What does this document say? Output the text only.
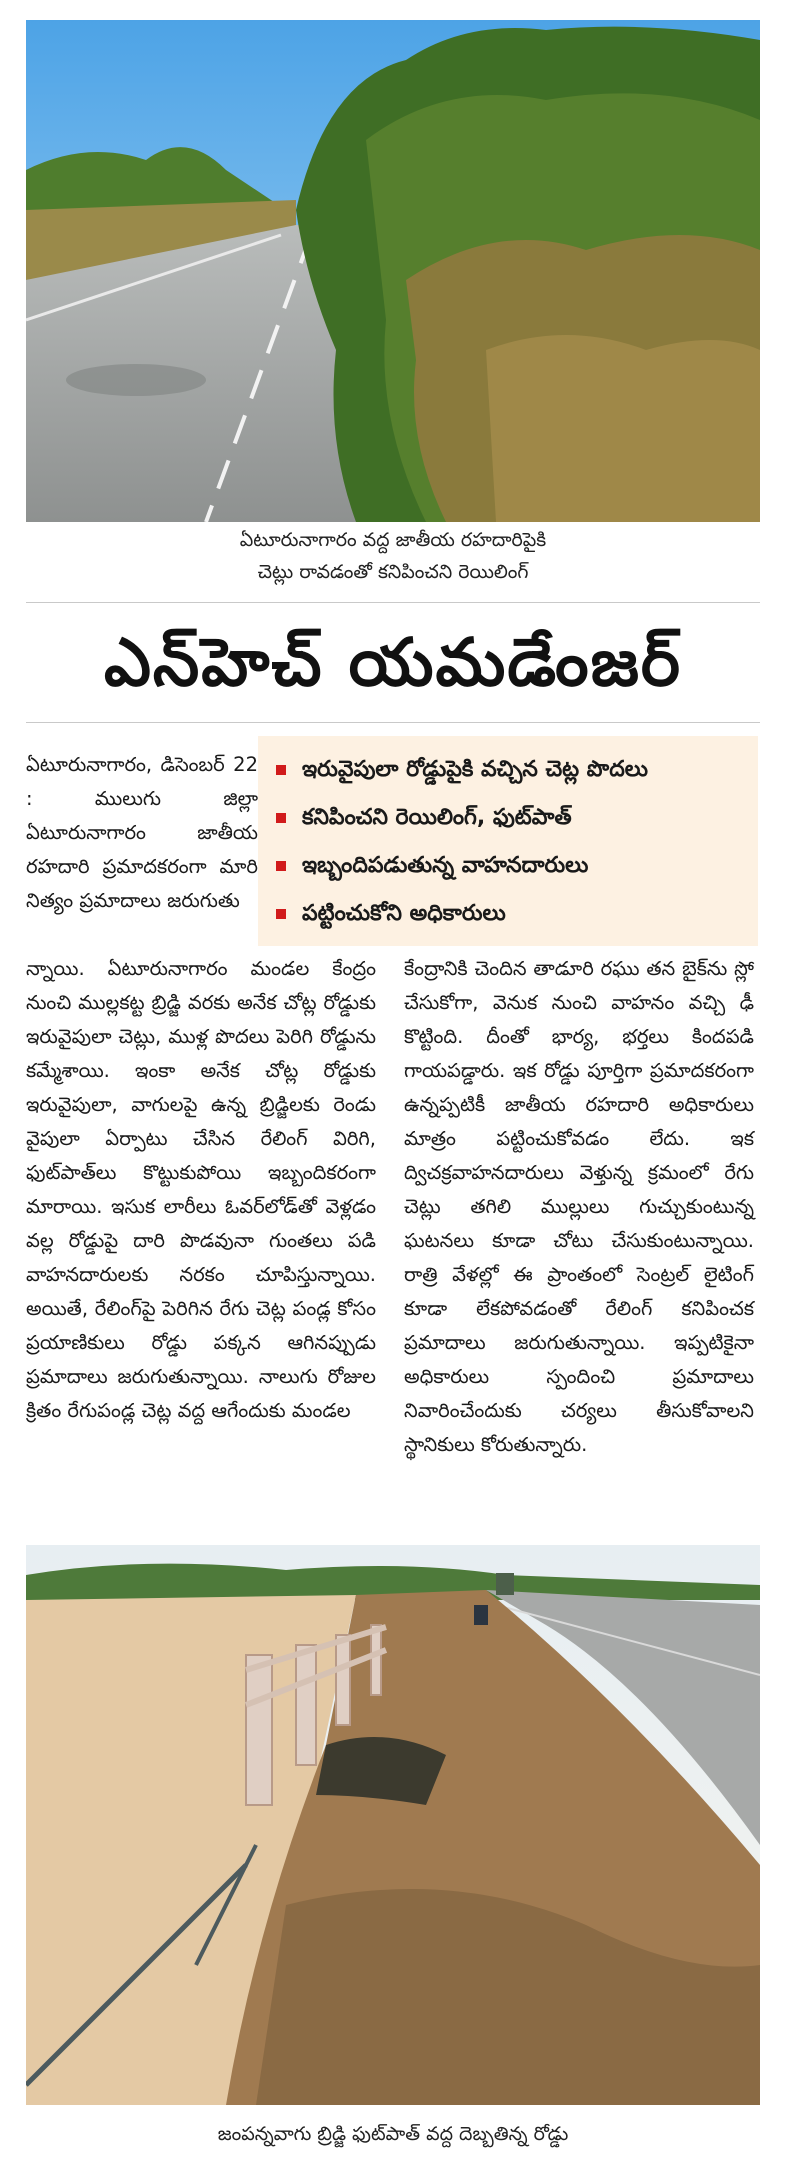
ఏటూరునాగారం వద్ద జాతీయ రహదారిపైకి
చెట్లు రావడంతో కనిపించని రెయిలింగ్
ఎన్‌హెచ్ యమడేంజర్
ఏటూరునాగారం, డిసెంబర్ 22 : ములుగు జిల్లా ఏటూరునాగారం జాతీయ రహదారి ప్రమాదకరంగా మారి నిత్యం ప్రమాదాలు జరుగుతు
ఇరువైపులా రోడ్డుపైకి వచ్చిన చెట్ల పొదలు
కనిపించని రెయిలింగ్, ఫుట్‌పాత్
ఇబ్బందిపడుతున్న వాహనదారులు
పట్టించుకోని అధికారులు
న్నాయి. ఏటూరునాగారం మండల కేంద్రం నుంచి ముల్లకట్ట బ్రిడ్జి వరకు అనేక చోట్ల రోడ్డుకు ఇరువైపులా చెట్లు, ముళ్ల పొదలు పెరిగి రోడ్డును కమ్మేశాయి. ఇంకా అనేక చోట్ల రోడ్డుకు ఇరువైపులా, వాగులపై ఉన్న బ్రిడ్జిలకు రెండు వైపులా ఏర్పాటు చేసిన రేలింగ్ విరిగి, ఫుట్‌పాత్‌లు కొట్టుకుపోయి ఇబ్బందికరంగా మారాయి. ఇసుక లారీలు ఓవర్‌లోడ్‌తో వెళ్లడం వల్ల రోడ్డుపై దారి పొడవునా గుంతలు పడి వాహనదారులకు నరకం చూపిస్తున్నాయి. అయితే, రేలింగ్‌పై పెరిగిన రేగు చెట్ల పండ్ల కోసం ప్రయాణికులు రోడ్డు పక్కన ఆగినప్పుడు ప్రమాదాలు జరుగుతున్నాయి. నాలుగు రోజుల క్రితం రేగుపండ్ల చెట్ల వద్ద ఆగేందుకు మండల
కేంద్రానికి చెందిన తాడూరి రఘు తన బైక్‌ను స్లో చేసుకోగా, వెనుక నుంచి వాహనం వచ్చి ఢీ కొట్టింది. దీంతో భార్య, భర్తలు కిందపడి గాయపడ్డారు. ఇక రోడ్డు పూర్తిగా ప్రమాదకరంగా ఉన్నప్పటికీ జాతీయ రహదారి అధికారులు మాత్రం పట్టించుకోవడం లేదు. ఇక ద్విచక్రవాహనదారులు వెళ్తున్న క్రమంలో రేగు చెట్లు తగిలి ముల్లులు గుచ్చుకుంటున్న ఘటనలు కూడా చోటు చేసుకుంటున్నాయి. రాత్రి వేళల్లో ఈ ప్రాంతంలో సెంట్రల్ లైటింగ్ కూడా లేకపోవడంతో రేలింగ్ కనిపించక ప్రమాదాలు జరుగుతున్నాయి. ఇప్పటికైనా అధికారులు స్పందించి ప్రమాదాలు నివారించేందుకు చర్యలు తీసుకోవాలని స్థానికులు కోరుతున్నారు.
జంపన్నవాగు బ్రిడ్జి ఫుట్‌పాత్ వద్ద దెబ్బతిన్న రోడ్డు
